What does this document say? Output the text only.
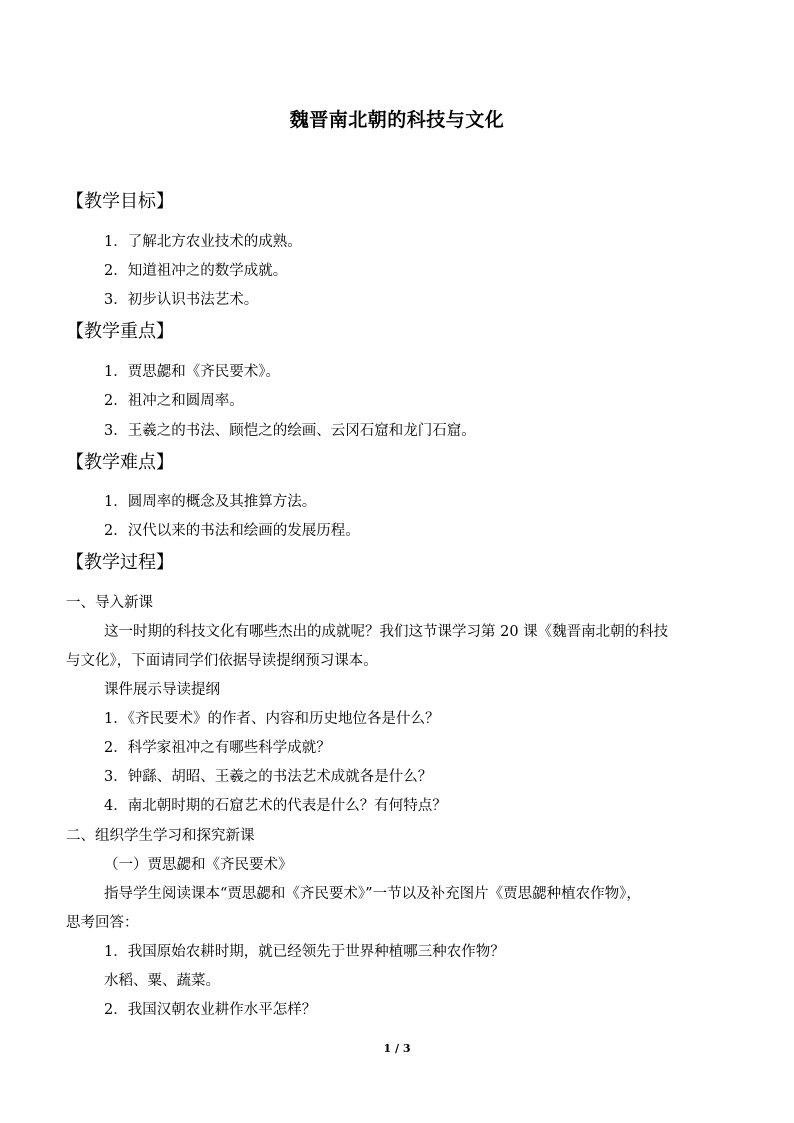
魏晋南北朝的科技与文化
【教学目标】
1．了解北方农业技术的成熟。
2．知道祖冲之的数学成就。
3．初步认识书法艺术。
【教学重点】
1．贾思勰和《齐民要术》。
2．祖冲之和圆周率。
3．王羲之的书法、顾恺之的绘画、云冈石窟和龙门石窟。
【教学难点】
1．圆周率的概念及其推算方法。
2．汉代以来的书法和绘画的发展历程。
【教学过程】
一、导入新课
这一时期的科技文化有哪些杰出的成就呢？我们这节课学习第 20 课《魏晋南北朝的科技
与文化》，下面请同学们依据导读提纲预习课本。
课件展示导读提纲
1．《齐民要术》的作者、内容和历史地位各是什么？
2．科学家祖冲之有哪些科学成就？
3．钟繇、胡昭、王羲之的书法艺术成就各是什么？
4．南北朝时期的石窟艺术的代表是什么？有何特点？
二、组织学生学习和探究新课
（一）贾思勰和《齐民要术》
指导学生阅读课本“贾思勰和《齐民要术》”一节以及补充图片《贾思勰种植农作物》，
思考回答：
1．我国原始农耕时期，就已经领先于世界种植哪三种农作物？
水稻、粟、蔬菜。
2．我国汉朝农业耕作水平怎样？
1 / 3
